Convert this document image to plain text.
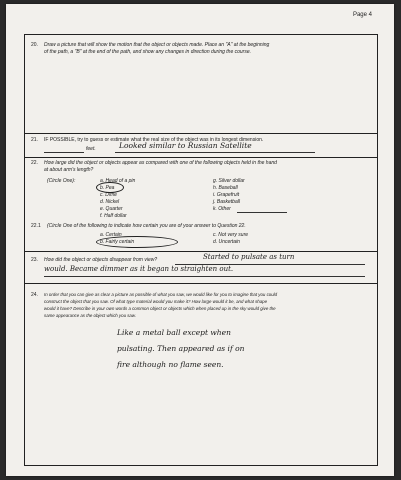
Page 4
20. Draw a picture that will show the motion that the object or objects made. Place an "A" at the beginning
of the path, a "B" at the end of the path, and show any changes in direction during the course.
21. IF POSSIBLE, try to guess or estimate what the real size of the object was in its longest dimension.
feet.	Looked similar to Russian Satellite
22. How large did the object or objects appear as compared with one of the following objects held in the hand
at about arm's length?
(Circle One):	a. Head of a pin
b. Pea
c. Dime
d. Nickel
e. Quarter
f. Half dollar
g. Silver dollar
h. Baseball
i. Grapefruit
j. Basketball
k. Other
22.1 (Circle One of the following to indicate how certain you are of your answer to Question 22.
a. Certain
b. Fairly certain
c. Not very sure
d. Uncertain
23. How did the object or objects disappear from view?	Started to pulsate as turn
would. Became dimmer as it began to straighten out.
24. In order that you can give as clear a picture as possible of what you saw, we would like for you to imagine that you could
construct the object that you saw. Of what type material would you make it? How large would it be, and what shape
would it have? Describe in your own words a common object or objects which when placed up in the sky would give the
same appearance as the object which you saw.
Like a metal ball except when
pulsating. Then appeared as if on
fire although no flame seen.
